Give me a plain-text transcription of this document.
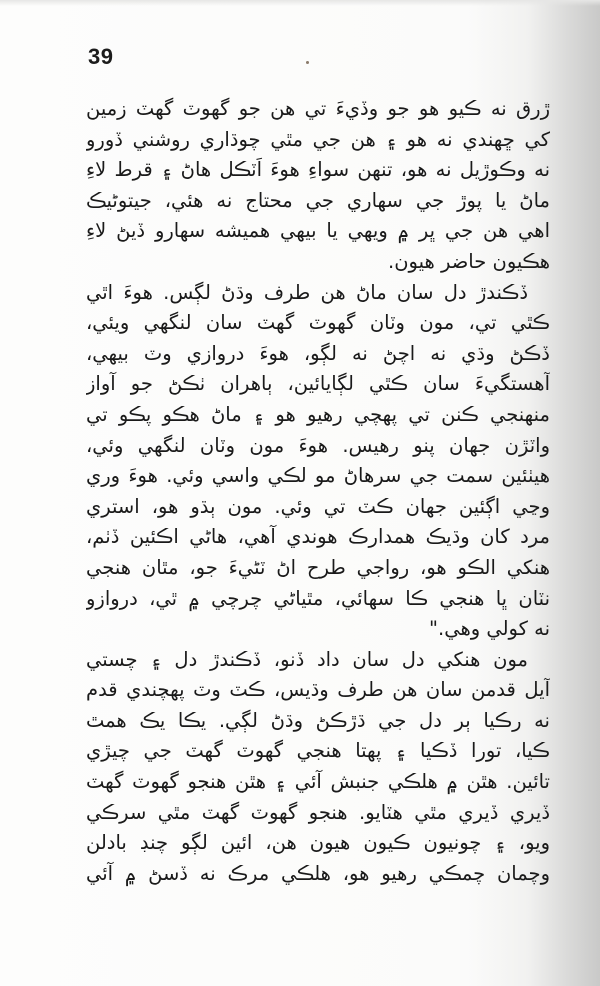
39
ڙرق نه ڪيو هو جو وڏيءَ تي هن جو گهوٽ گهٽ زمين
کي ڇهندي نه هو ۽ هن جي مٿي چوڌاري روشني ڏورو
نه وڪوڙيل نه هو، تنهن سواءِ هوءَ اَٽڪل هاڻ ۽ قرط لاءِ
ماڻ يا پوڙ جي سهاري جي محتاج نه هئي، جيتوڻيڪ
اهي هن جي ڀر ۾ ويهي يا بيهي هميشه سهارو ڏيڻ لاءِ
هڪيون حاضر هيون.
ڏڪندڙ دل سان ماڻ هن طرف وڌڻ لڳس. هوءَ اٿي
ڪٿي تي، مون وٽان گهوٽ گهٽ سان لنگهي ويئي،
ڏڪڻ وڌي نه اچڻ نه لڳو، هوءَ دروازي وٽ بيهي،
آهستگيءَ سان ڪٿي لڳايائين، ٻاهران ٺڪڻ جو آواز
منهنجي ڪنن تي پهچي رهيو هو ۽ ماڻ هڪو پڪو تي
واٽڙن جهان پنو رهيس. هوءَ مون وٽان لنگهي وئي،
هيٺئين سمت جي سرهاڻ مو لڪي واسي وئي. هوءَ وري
وڃي اڳئين جهان ڪٽ تي وئي. مون ٻڌو هو، استري
مرد کان وڌيڪ همدارڪ هوندي آهي، هاڻي اڪئين ڏٺم،
هنکي الڪو هو، رواجي طرح اڻ ٽڻيءَ جو، مٿان هنجي
نٽان ڀا هنجي ڪا سهائي، مٿياڻي چرچي ۾ ٿي، دروازو
نه کولي وهي."
مون هنکي دل سان داد ڏنو، ڏڪندڙ دل ۽ چستي
آيل قدمن سان هن طرف وڌيس، ڪٽ وٽ پهچندي قدم
نه رڪيا ٻر دل جي ڌڙڪڻ وڌڻ لڳي. يڪا يڪ همٿ
ڪيا، تورا ڏڪيا ۽ پهتا هنجي گهوٽ گهٽ جي چيڙي
تائين. هٿن ۾ هلڪي جنبش آئي ۽ هٿن هنجو گهوٽ گهٽ
ڏيري ڏيري مٿي هٽايو. هنجو گهوٽ گهٽ مٿي سرڪي
ويو، ۽ چونيون ڪيون هيون هن، ائين لڳو چنڊ بادلن
وچمان چمڪي رهيو هو، هلڪي مرڪ نه ڏسڻ ۾ آئي
